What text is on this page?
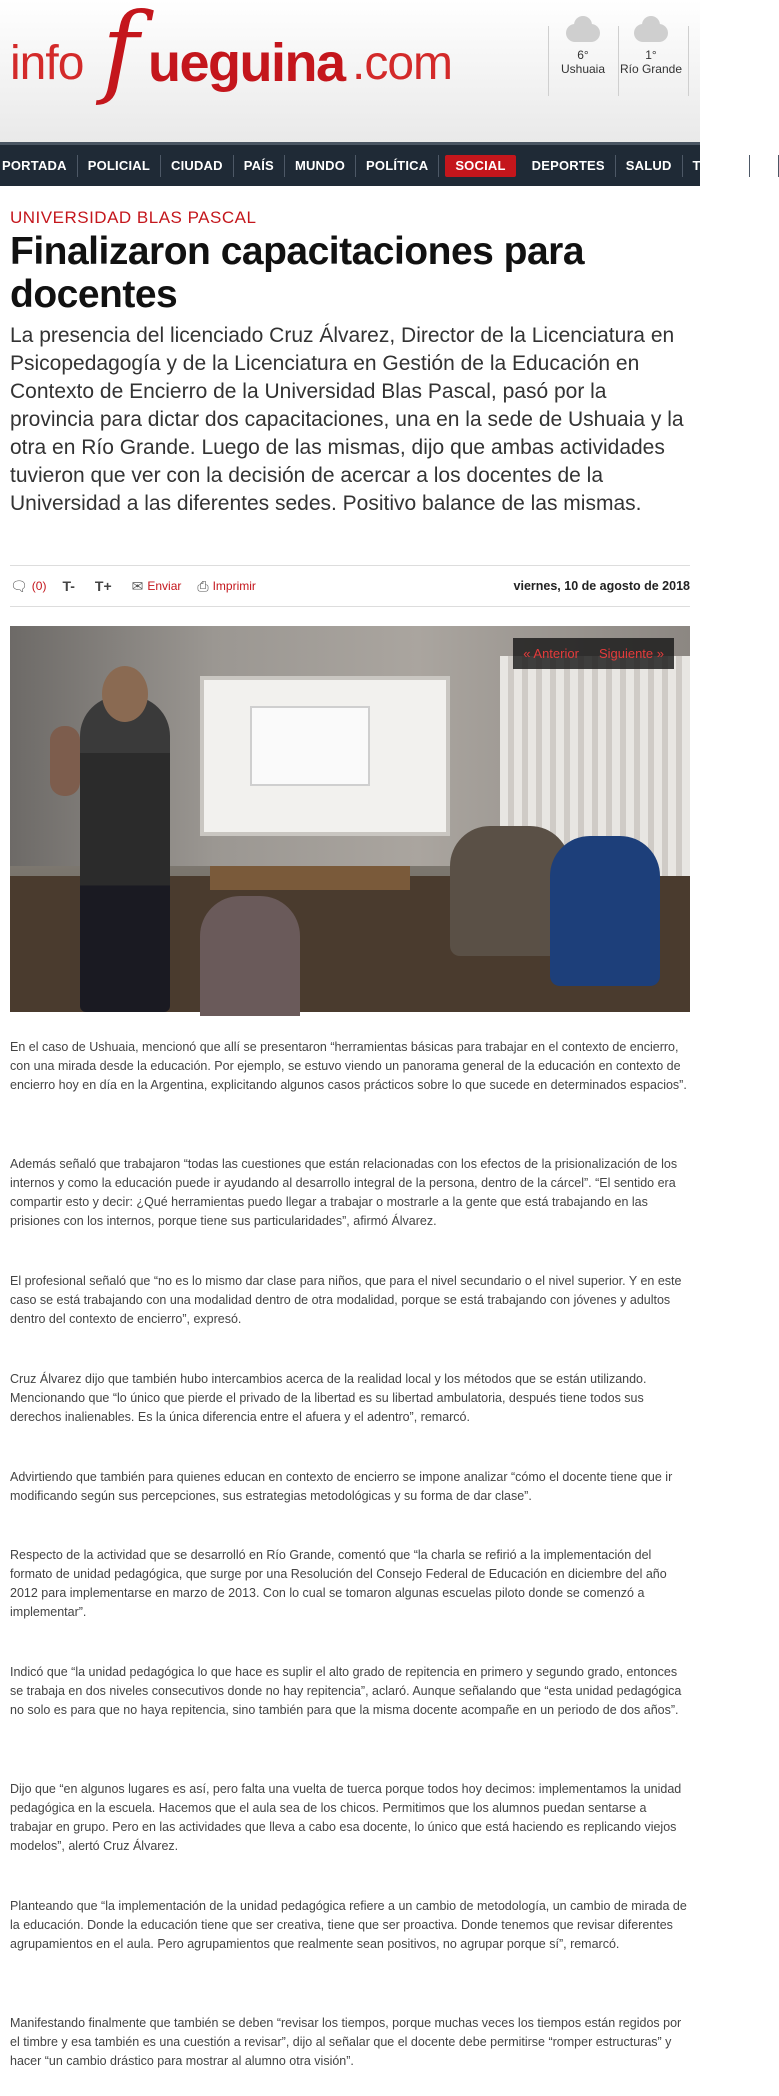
info f ueguina .com	6°
Ushuaia
1°
Río Grande
PORTADA	POLICIAL	CIUDAD	PAÍS	MUNDO	POLÍTICA	SOCIAL	DEPORTES	SALUD	TECNO	F
UNIVERSIDAD BLAS PASCAL
Finalizaron capacitaciones para docentes

La presencia del licenciado Cruz Álvarez, Director de la Licenciatura en Psicopedagogía y de la Licenciatura en Gestión de la Educación en Contexto de Encierro de la Universidad Blas Pascal, pasó por la provincia para dictar dos capacitaciones, una en la sede de Ushuaia y la otra en Río Grande. Luego de las mismas, dijo que ambas actividades tuvieron que ver con la decisión de acercar a los docentes de la Universidad a las diferentes sedes. Positivo balance de las mismas.

🗨︎ (0) T- T+ ✉︎ Enviar ⎙ Imprimir	viernes, 10 de agosto de 2018
« Anterior	Siguiente »

En el caso de Ushuaia, mencionó que allí se presentaron “herramientas básicas para trabajar en el contexto de encierro, con una mirada desde la educación. Por ejemplo, se estuvo viendo un panorama general de la educación en contexto de encierro hoy en día en la Argentina, explicitando algunos casos prácticos sobre lo que sucede en determinados espacios”.

Además señaló que trabajaron “todas las cuestiones que están relacionadas con los efectos de la prisionalización de los internos y como la educación puede ir ayudando al desarrollo integral de la persona, dentro de la cárcel”. “El sentido era compartir esto y decir: ¿Qué herramientas puedo llegar a trabajar o mostrarle a la gente que está trabajando en las prisiones con los internos, porque tiene sus particularidades”, afirmó Álvarez.

El profesional señaló que “no es lo mismo dar clase para niños, que para el nivel secundario o el nivel superior. Y en este caso se está trabajando con una modalidad dentro de otra modalidad, porque se está trabajando con jóvenes y adultos dentro del contexto de encierro”, expresó.

Cruz Álvarez dijo que también hubo intercambios acerca de la realidad local y los métodos que se están utilizando. Mencionando que “lo único que pierde el privado de la libertad es su libertad ambulatoria, después tiene todos sus derechos inalienables. Es la única diferencia entre el afuera y el adentro”, remarcó.

Advirtiendo que también para quienes educan en contexto de encierro se impone analizar “cómo el docente tiene que ir modificando según sus percepciones, sus estrategias metodológicas y su forma de dar clase”.

Respecto de la actividad que se desarrolló en Río Grande, comentó que “la charla se refirió a la implementación del formato de unidad pedagógica, que surge por una Resolución del Consejo Federal de Educación en diciembre del año 2012 para implementarse en marzo de 2013. Con lo cual se tomaron algunas escuelas piloto donde se comenzó a implementar”.

Indicó que “la unidad pedagógica lo que hace es suplir el alto grado de repitencia en primero y segundo grado, entonces se trabaja en dos niveles consecutivos donde no hay repitencia”, aclaró. Aunque señalando que “esta unidad pedagógica no solo es para que no haya repitencia, sino también para que la misma docente acompañe en un periodo de dos años”.

Dijo que “en algunos lugares es así, pero falta una vuelta de tuerca porque todos hoy decimos: implementamos la unidad pedagógica en la escuela. Hacemos que el aula sea de los chicos. Permitimos que los alumnos puedan sentarse a trabajar en grupo. Pero en las actividades que lleva a cabo esa docente, lo único que está haciendo es replicando viejos modelos”, alertó Cruz Álvarez.

Planteando que “la implementación de la unidad pedagógica refiere a un cambio de metodología, un cambio de mirada de la educación. Donde la educación tiene que ser creativa, tiene que ser proactiva. Donde tenemos que revisar diferentes agrupamientos en el aula. Pero agrupamientos que realmente sean positivos, no agrupar porque sí”, remarcó.

Manifestando finalmente que también se deben “revisar los tiempos, porque muchas veces los tiempos están regidos por el timbre y esa también es una cuestión a revisar”, dijo al señalar que el docente debe permitirse “romper estructuras” y hacer “un cambio drástico para mostrar al alumno otra visión”.
